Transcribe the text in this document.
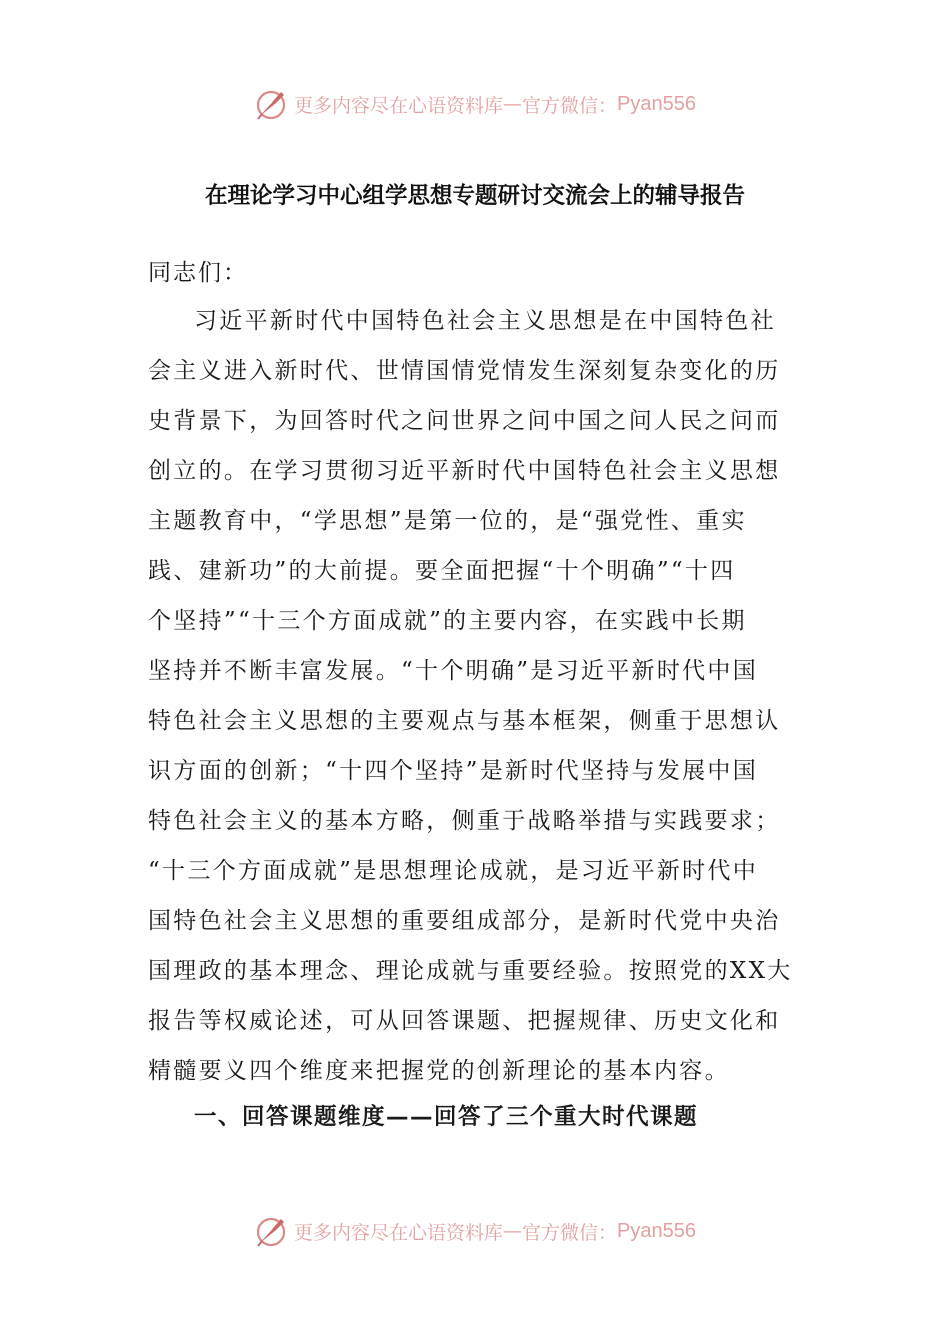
更多内容尽在心语资料库 — 官方微信： Pyan556
在理论学习中心组学思想专题研讨交流会上的辅导报告
同志们：
习近平新时代中国特色社会主义思想是在中国特色社
会主义进入新时代、世情国情党情发生深刻复杂变化的历
史背景下，为回答时代之问世界之问中国之问人民之问而
创立的。在学习贯彻习近平新时代中国特色社会主义思想
主题教育中，“学思想”是第一位的，是“强党性、重实
践、建新功”的大前提。要全面把握“十个明确”“十四
个坚持”“十三个方面成就”的主要内容，在实践中长期
坚持并不断丰富发展。“十个明确”是习近平新时代中国
特色社会主义思想的主要观点与基本框架，侧重于思想认
识方面的创新；“十四个坚持”是新时代坚持与发展中国
特色社会主义的基本方略，侧重于战略举措与实践要求；
“十三个方面成就”是思想理论成就，是习近平新时代中
国特色社会主义思想的重要组成部分，是新时代党中央治
国理政的基本理念、理论成就与重要经验。按照党的XX大
报告等权威论述，可从回答课题、把握规律、历史文化和
精髓要义四个维度来把握党的创新理论的基本内容。
一、回答课题维度——回答了三个重大时代课题
更多内容尽在心语资料库 — 官方微信： Pyan556
